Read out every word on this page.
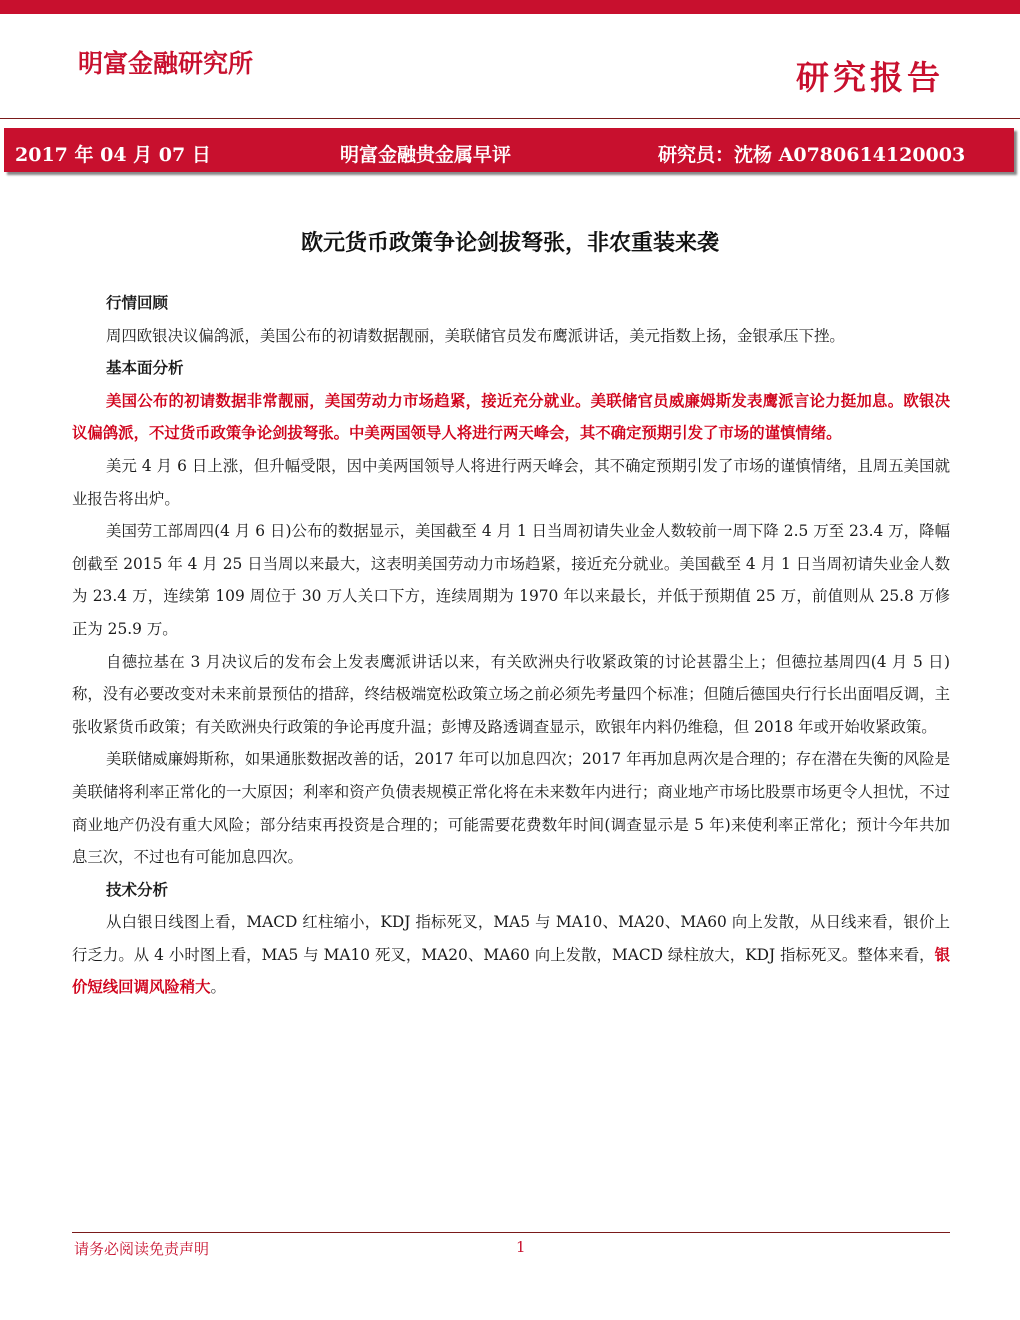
明富金融研究所	研究报告
2017 年 04 月 07 日	明富金融贵金属早评	研究员：沈杨 A0780614120003
欧元货币政策争论剑拔弩张，非农重装来袭

行情回顾

周四欧银决议偏鸽派，美国公布的初请数据靓丽，美联储官员发布鹰派讲话，美元指数上扬，金银承压下挫。

基本面分析

美国公布的初请数据非常靓丽，美国劳动力市场趋紧，接近充分就业。美联储官员威廉姆斯发表鹰派言论力挺加息。欧银决议偏鸽派，不过货币政策争论剑拔弩张。中美两国领导人将进行两天峰会，其不确定预期引发了市场的谨慎情绪。

美元 4 月 6 日上涨，但升幅受限，因中美两国领导人将进行两天峰会，其不确定预期引发了市场的谨慎情绪，且周五美国就业报告将出炉。

美国劳工部周四(4 月 6 日)公布的数据显示，美国截至 4 月 1 日当周初请失业金人数较前一周下降 2.5 万至 23.4 万，降幅创截至 2015 年 4 月 25 日当周以来最大，这表明美国劳动力市场趋紧，接近充分就业。美国截至 4 月 1 日当周初请失业金人数为 23.4 万，连续第 109 周位于 30 万人关口下方，连续周期为 1970 年以来最长，并低于预期值 25 万，前值则从 25.8 万修正为 25.9 万。

自德拉基在 3 月决议后的发布会上发表鹰派讲话以来，有关欧洲央行收紧政策的讨论甚嚣尘上；但德拉基周四(4 月 5 日)称，没有必要改变对未来前景预估的措辞，终结极端宽松政策立场之前必须先考量四个标准；但随后德国央行行长出面唱反调，主张收紧货币政策；有关欧洲央行政策的争论再度升温；彭博及路透调查显示，欧银年内料仍维稳，但 2018 年或开始收紧政策。

美联储威廉姆斯称，如果通胀数据改善的话，2017 年可以加息四次；2017 年再加息两次是合理的；存在潜在失衡的风险是美联储将利率正常化的一大原因；利率和资产负债表规模正常化将在未来数年内进行；商业地产市场比股票市场更令人担忧，不过商业地产仍没有重大风险；部分结束再投资是合理的；可能需要花费数年时间(调查显示是 5 年)来使利率正常化；预计今年共加息三次，不过也有可能加息四次。

技术分析

从白银日线图上看，MACD 红柱缩小，KDJ 指标死叉，MA5 与 MA10、MA20、MA60 向上发散，从日线来看，银价上行乏力。从 4 小时图上看，MA5 与 MA10 死叉，MA20、MA60 向上发散，MACD 绿柱放大，KDJ 指标死叉。整体来看，银价短线回调风险稍大。

请务必阅读免责声明	1
